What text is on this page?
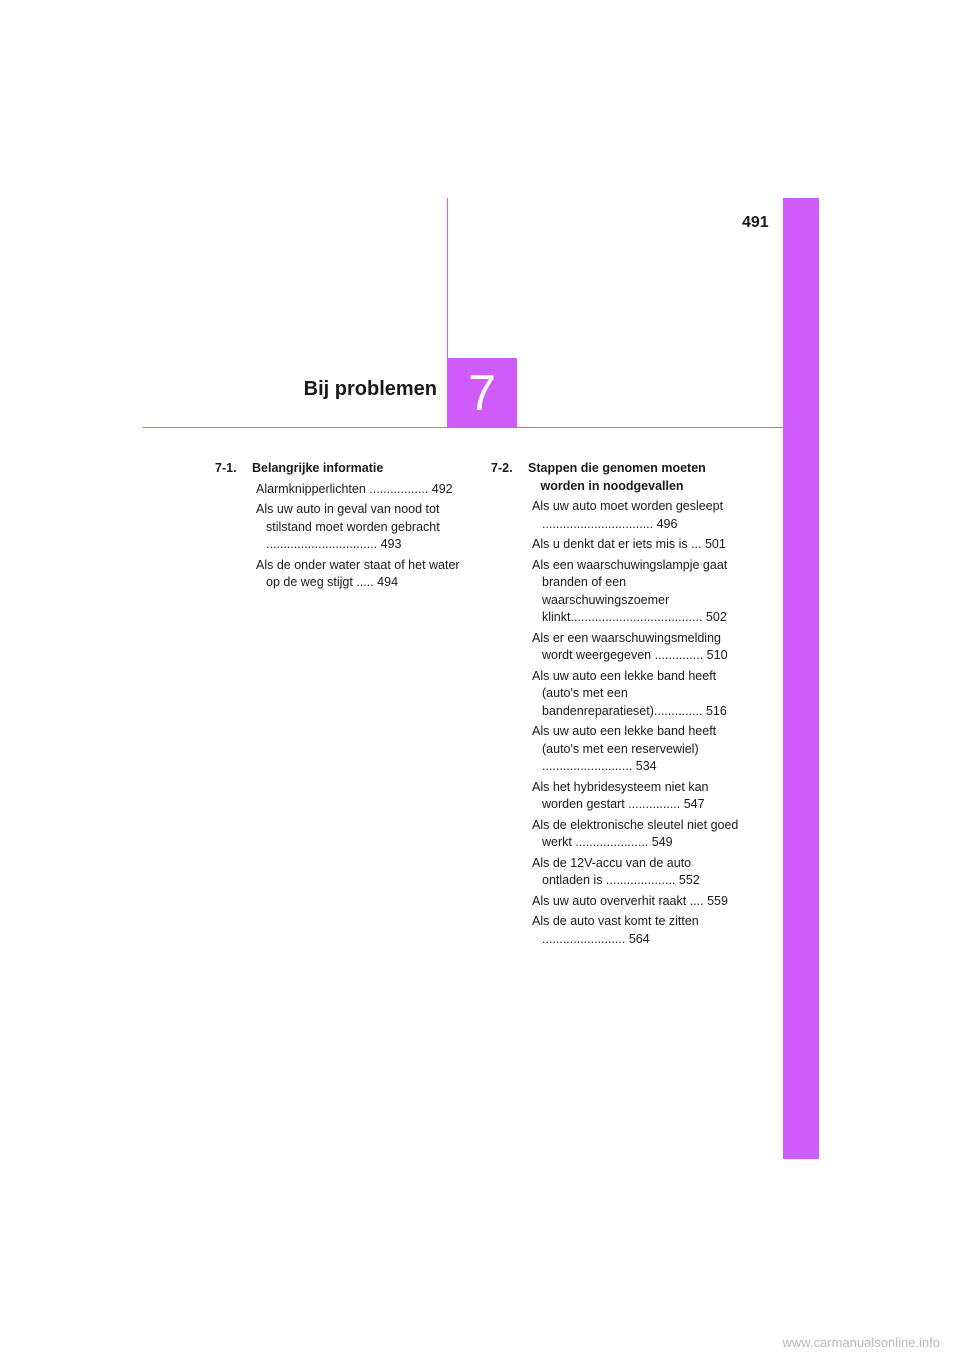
491
Bij problemen 7
7-1.	Belangrijke informatie
Alarmknipperlichten ................. 492
Als uw auto in geval van nood tot stilstand moet worden gebracht ................................ 493
Als de onder water staat of het water op de weg stijgt ..... 494
7-2.	Stappen die genomen moeten worden in noodgevallen
Als uw auto moet worden gesleept ................................ 496
Als u denkt dat er iets mis is ... 501
Als een waarschuwingslampje gaat branden of een waarschuwingszoemer klinkt...................................... 502
Als er een waarschuwingsmelding wordt weergegeven .............. 510
Als uw auto een lekke band heeft (auto's met een bandenreparatieset).............. 516
Als uw auto een lekke band heeft (auto's met een reservewiel) .......................... 534
Als het hybridesysteem niet kan worden gestart ............... 547
Als de elektronische sleutel niet goed werkt ..................... 549
Als de 12V-accu van de auto ontladen is .................... 552
Als uw auto oververhit raakt .... 559
Als de auto vast komt te zitten ........................ 564
www.carmanualsonline.info
